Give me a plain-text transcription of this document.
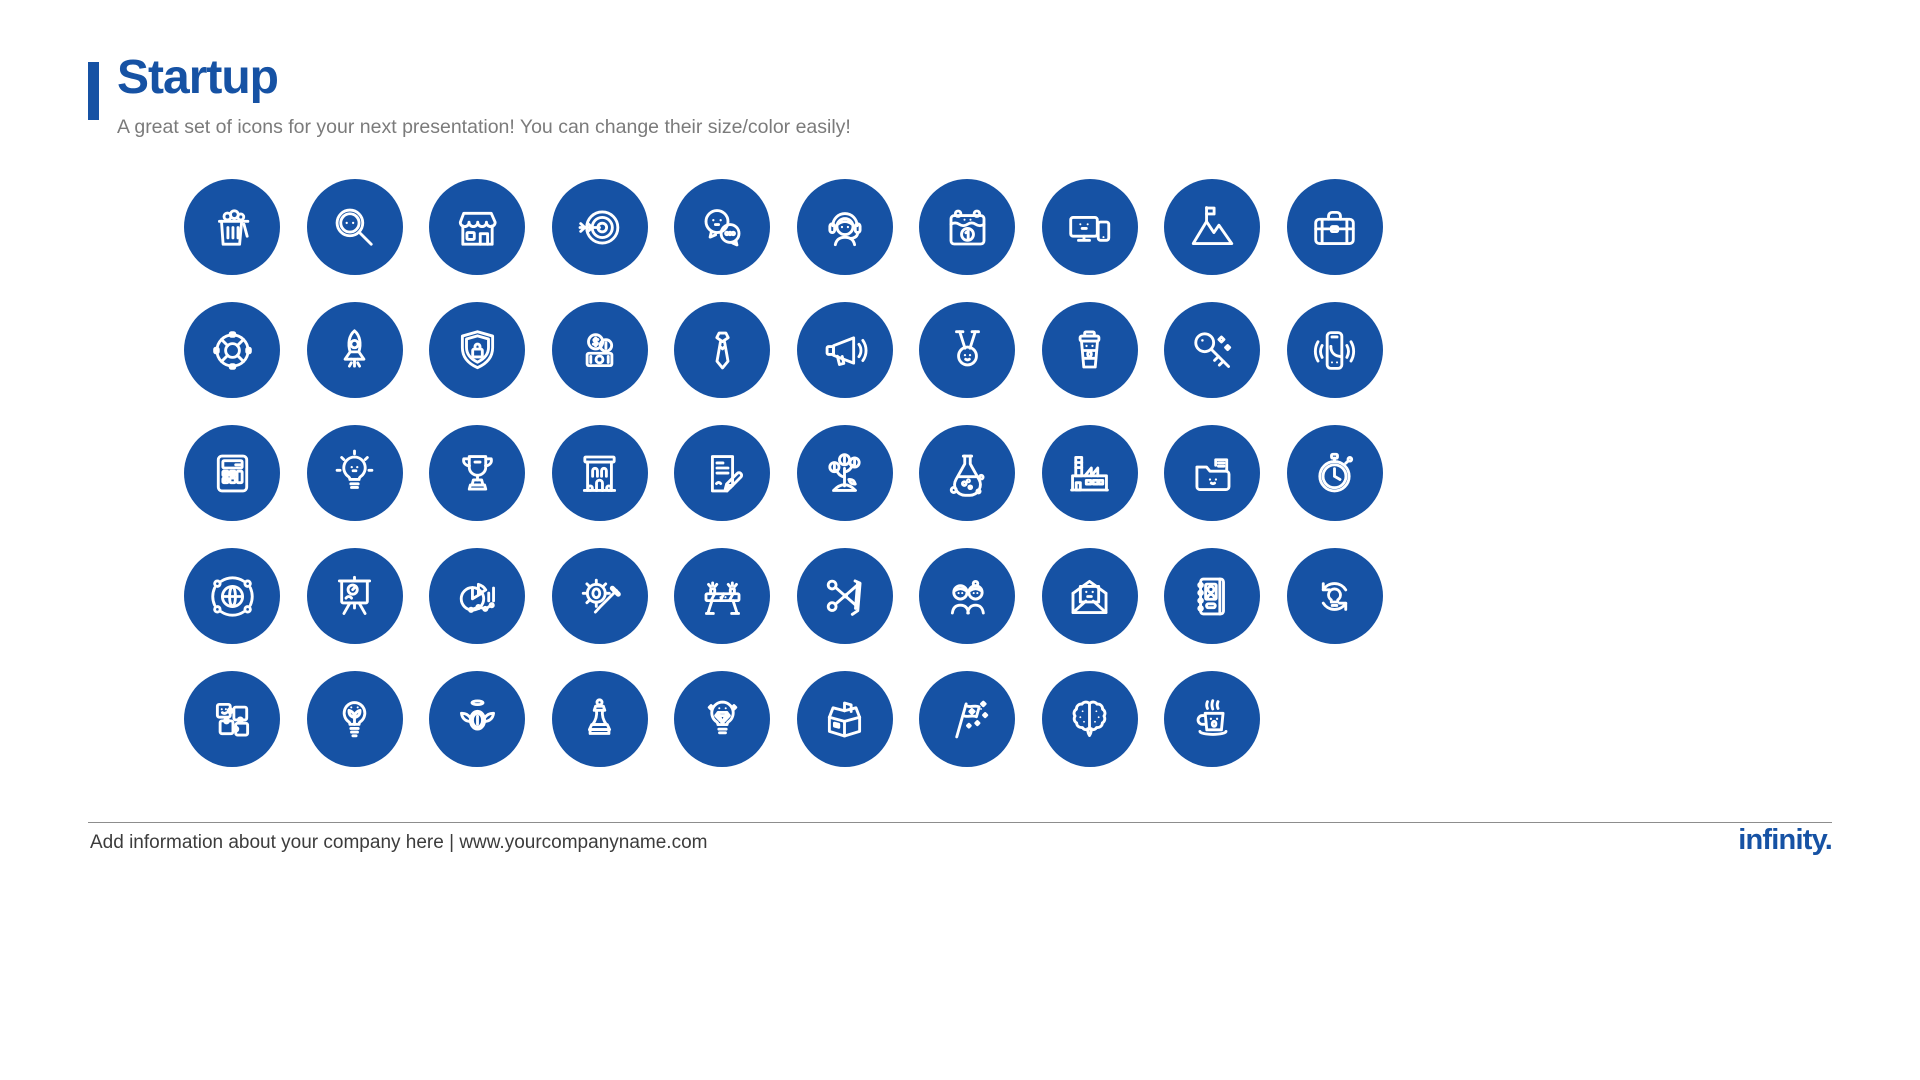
Startup

A great set of icons for your next presentation! You can change their size/color easily!

Add information about your company here | www.yourcompanyname.com	infinity.
